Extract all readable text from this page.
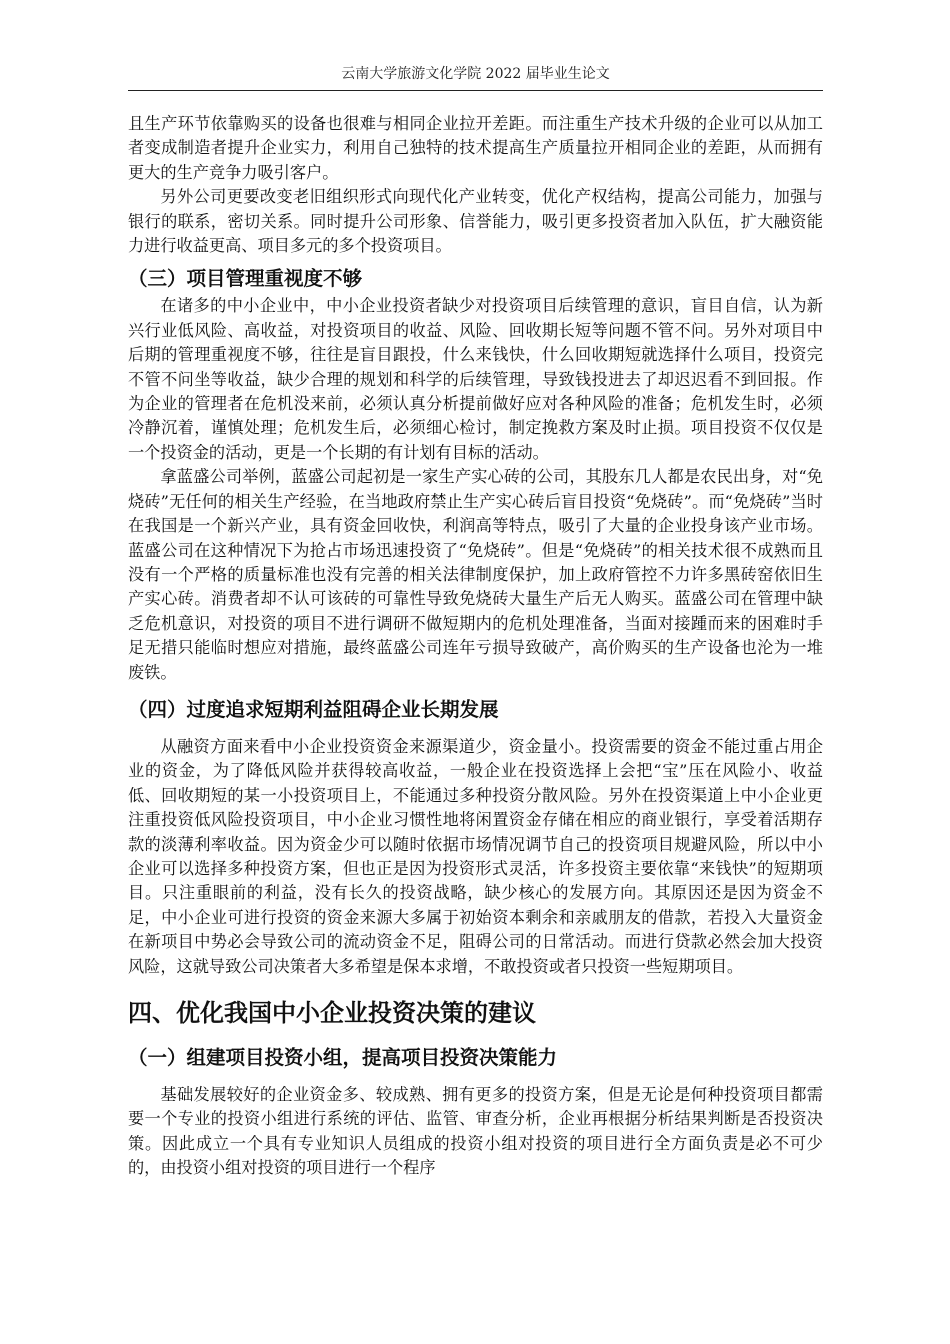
云南大学旅游文化学院 2022 届毕业生论文

且生产环节依靠购买的设备也很难与相同企业拉开差距。而注重生产技术升级的企业可以从加工者变成制造者提升企业实力，利用自己独特的技术提高生产质量拉开相同企业的差距，从而拥有更大的生产竞争力吸引客户。

另外公司更要改变老旧组织形式向现代化产业转变，优化产权结构，提高公司能力，加强与银行的联系，密切关系。同时提升公司形象、信誉能力，吸引更多投资者加入队伍，扩大融资能力进行收益更高、项目多元的多个投资项目。

（三）项目管理重视度不够

在诸多的中小企业中，中小企业投资者缺少对投资项目后续管理的意识，盲目自信，认为新兴行业低风险、高收益，对投资项目的收益、风险、回收期长短等问题不管不问。另外对项目中后期的管理重视度不够，往往是盲目跟投，什么来钱快，什么回收期短就选择什么项目，投资完不管不问坐等收益，缺少合理的规划和科学的后续管理，导致钱投进去了却迟迟看不到回报。作为企业的管理者在危机没来前，必须认真分析提前做好应对各种风险的准备；危机发生时，必须冷静沉着，谨慎处理；危机发生后，必须细心检讨，制定挽救方案及时止损。项目投资不仅仅是一个投资金的活动，更是一个长期的有计划有目标的活动。

拿蓝盛公司举例，蓝盛公司起初是一家生产实心砖的公司，其股东几人都是农民出身，对“免烧砖”无任何的相关生产经验，在当地政府禁止生产实心砖后盲目投资“免烧砖”。而“免烧砖”当时在我国是一个新兴产业，具有资金回收快，利润高等特点，吸引了大量的企业投身该产业市场。蓝盛公司在这种情况下为抢占市场迅速投资了“免烧砖”。但是“免烧砖”的相关技术很不成熟而且没有一个严格的质量标准也没有完善的相关法律制度保护，加上政府管控不力许多黑砖窑依旧生产实心砖。消费者却不认可该砖的可靠性导致免烧砖大量生产后无人购买。蓝盛公司在管理中缺乏危机意识，对投资的项目不进行调研不做短期内的危机处理准备，当面对接踵而来的困难时手足无措只能临时想应对措施，最终蓝盛公司连年亏损导致破产，高价购买的生产设备也沦为一堆废铁。

（四）过度追求短期利益阻碍企业长期发展

从融资方面来看中小企业投资资金来源渠道少，资金量小。投资需要的资金不能过重占用企业的资金，为了降低风险并获得较高收益，一般企业在投资选择上会把“宝”压在风险小、收益低、回收期短的某一小投资项目上，不能通过多种投资分散风险。另外在投资渠道上中小企业更注重投资低风险投资项目，中小企业习惯性地将闲置资金存储在相应的商业银行，享受着活期存款的淡薄利率收益。因为资金少可以随时依据市场情况调节自己的投资项目规避风险，所以中小企业可以选择多种投资方案，但也正是因为投资形式灵活，许多投资主要依靠“来钱快”的短期项目。只注重眼前的利益，没有长久的投资战略，缺少核心的发展方向。其原因还是因为资金不足，中小企业可进行投资的资金来源大多属于初始资本剩余和亲戚朋友的借款，若投入大量资金在新项目中势必会导致公司的流动资金不足，阻碍公司的日常活动。而进行贷款必然会加大投资风险，这就导致公司决策者大多希望是保本求增，不敢投资或者只投资一些短期项目。

四、优化我国中小企业投资决策的建议
（一）组建项目投资小组，提高项目投资决策能力

基础发展较好的企业资金多、较成熟、拥有更多的投资方案，但是无论是何种投资项目都需要一个专业的投资小组进行系统的评估、监管、审查分析，企业再根据分析结果判断是否投资决策。因此成立一个具有专业知识人员组成的投资小组对投资的项目进行全方面负责是必不可少的，由投资小组对投资的项目进行一个程序
